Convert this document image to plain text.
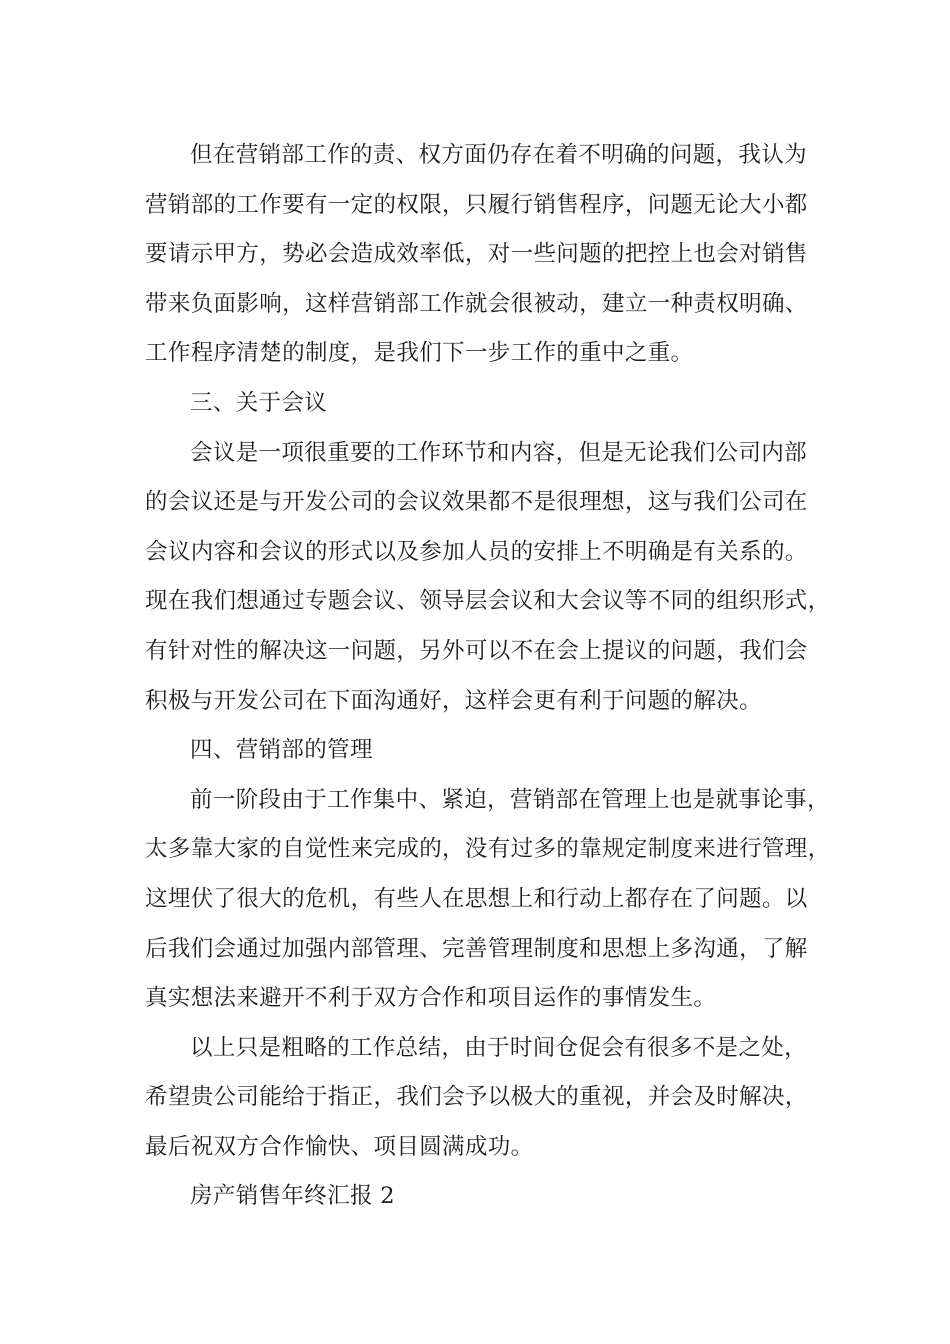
但在营销部工作的责、权方面仍存在着不明确的问题，我认为

营销部的工作要有一定的权限，只履行销售程序，问题无论大小都

要请示甲方，势必会造成效率低，对一些问题的把控上也会对销售

带来负面影响，这样营销部工作就会很被动，建立一种责权明确、

工作程序清楚的制度，是我们下一步工作的重中之重。

三、关于会议

会议是一项很重要的工作环节和内容，但是无论我们公司内部

的会议还是与开发公司的会议效果都不是很理想，这与我们公司在

会议内容和会议的形式以及参加人员的安排上不明确是有关系的。

现在我们想通过专题会议、领导层会议和大会议等不同的组织形式，

有针对性的解决这一问题，另外可以不在会上提议的问题，我们会

积极与开发公司在下面沟通好，这样会更有利于问题的解决。

四、营销部的管理

前一阶段由于工作集中、紧迫，营销部在管理上也是就事论事，

太多靠大家的自觉性来完成的，没有过多的靠规定制度来进行管理，

这埋伏了很大的危机，有些人在思想上和行动上都存在了问题。以

后我们会通过加强内部管理、完善管理制度和思想上多沟通，了解

真实想法来避开不利于双方合作和项目运作的事情发生。

以上只是粗略的工作总结，由于时间仓促会有很多不是之处，

希望贵公司能给于指正，我们会予以极大的重视，并会及时解决，

最后祝双方合作愉快、项目圆满成功。

房产销售年终汇报 2
